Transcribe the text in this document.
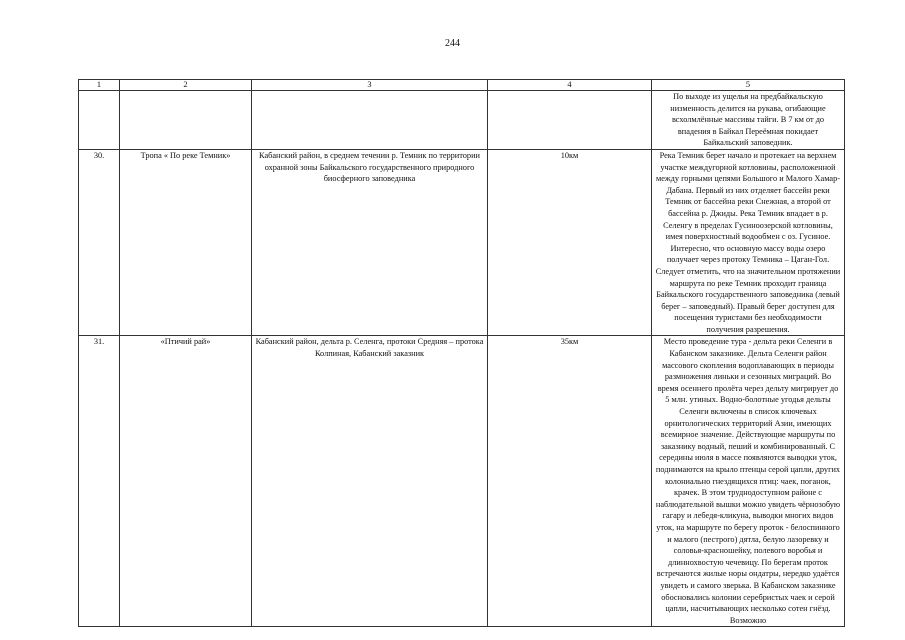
244
1	2	3	4	5
				По выходе из ущелья на предбайкальскую низменность делится на рукава, огибающие всхолмлённые массивы тайги. В 7 км от до впадения в Байкал Переёмная покидает Байкальский заповедник.
30.	Тропа « По реке Темник»	Кабанский район, в среднем течении р. Темник по территории охранной зоны Байкальского государственного природного биосферного заповедника	10км	Река Темник берет начало и протекает на верхнем участке междугорной котловины, расположенной между горными цепями Большого и Малого Хамар-Дабана. Первый из них отделяет бассейн реки Темник от бассейна реки Снежная, а второй от бассейна р. Джиды. Река Темник впадает в р. Селенгу в пределах Гусиноозерской котловины, имея поверхностный водообмен с оз. Гусиное. Интересно, что основную массу воды озеро получает через протоку Темника – Цаган-Гол. Следует отметить, что на значительном протяжении маршрута по реке Темник проходит граница Байкальского государственного заповедника (левый берег – заповедный). Правый берег доступен для посещения туристами без необходимости получения разрешения.
31.	«Птичий рай»	Кабанский район, дельта р. Селенга, протоки Средняя – протока Колпиная, Кабанский заказник	35км	Место проведение тура - дельта реки Селенги в Кабанском заказнике. Дельта Селенги район массового скопления водоплавающих в периоды размножения линьки и сезонных миграций. Во время осеннего пролёта через дельту мигрирует до 5 млн. утиных. Водно-болотные угодья дельты Селенги включены в список ключевых орнитологических территорий Азии, имеющих всемирное значение. Действующие маршруты по заказнику водный, пеший и комбинированный. С середины июля в массе появляются выводки уток, поднимаются на крыло птенцы серой цапли, других колониально гнездящихся птиц: чаек, поганок, крачек. В этом труднодоступном районе с наблюдательной вышки можно увидеть чёрнозобую гагару и лебедя-кликуна, выводки многих видов уток, на маршруте по берегу проток - белоспинного и малого (пестрого) дятла, белую лазоревку и соловья-красношейку, полевого воробья и длиннохвостую чечевицу. По берегам проток встречаются жилые норы ондатры, нередко удаётся увидеть и самого зверька. В Кабанском заказнике обосновались колонии серебристых чаек и серой цапли, насчитывающих несколько сотен гнёзд. Возможно
